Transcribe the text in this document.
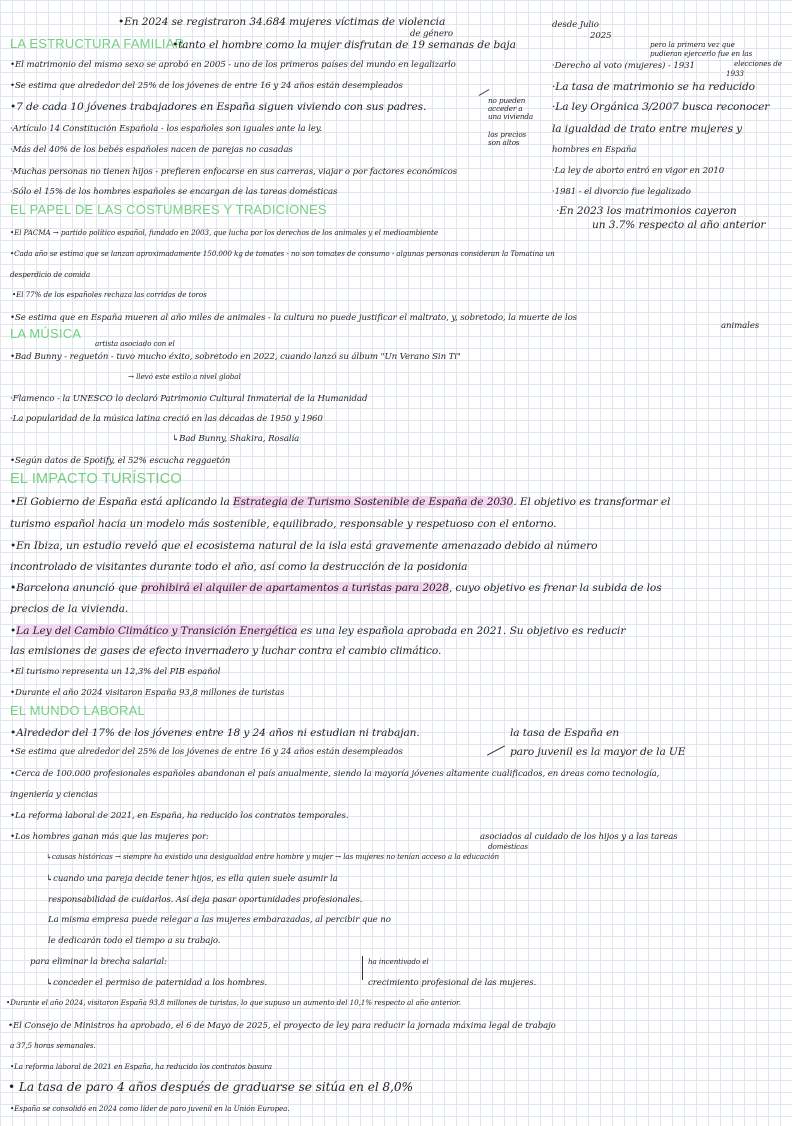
•En 2024 se registraron 34.684 mujeres víctimas de violencia
de género
desde Julio
2025
LA ESTRUCTURA FAMILIAR
•tanto el hombre como la mujer disfrutan de 19 semanas de baja
•El matrimonio del mismo sexo se aprobó en 2005 - uno de los primeros países del mundo en legalizarlo
•Se estima que alrededor del 25% de los jóvenes de entre 16 y 24 años están desempleados
•7 de cada 10 jóvenes trabajadores en España siguen viviendo con sus padres.
·Artículo 14 Constitución Española - los españoles son iguales ante la ley.
·Más del 40% de los bebés españoles nacen de parejas no casadas
·Muchas personas no tienen hijos - prefieren enfocarse en sus carreras, viajar o por factores económicos
·Sólo el 15% de los hombres españoles se encargan de las tareas domésticas
no pueden
acceder a
una vivienda
los precios
son altos
pero la primera vez que
pudieran ejercerlo fue en las
elecciones de
1933
·Derecho al voto (mujeres) - 1931
·La tasa de matrimonio se ha reducido
·La ley Orgánica 3/2007 busca reconocer
la igualdad de trato entre mujeres y
hombres en España
·La ley de aborto entró en vigor en 2010
·1981 - el divorcio fue legalizado
·En 2023 los matrimonios cayeron
un 3.7% respecto al año anterior
EL PAPEL DE LAS COSTUMBRES Y TRADICIONES
•El PACMA → partido político español, fundado en 2003, que lucha por los derechos de los animales y el medioambiente
•Cada año se estima que se lanzan aproximadamente 150.000 kg de tomates - no son tomates de consumo - algunas personas consideran la Tomatina un
desperdicio de comida
•El 77% de los españoles rechaza las corridas de toros
•Se estima que en España mueren al año miles de animales - la cultura no puede justificar el maltrato, y, sobretodo, la muerte de los
animales
LA MÚSICA
artista asociado con el
•Bad Bunny - reguetón - tuvo mucho éxito, sobretodo en 2022, cuando lanzó su álbum "Un Verano Sin Ti"
→ llevó este estilo a nivel global
·Flamenco - la UNESCO lo declaró Patrimonio Cultural Inmaterial de la Humanidad
·La popularidad de la música latina creció en las décadas de 1950 y 1960
↳Bad Bunny, Shakira, Rosalía
•Según datos de Spotify, el 52% escucha reggaetón
EL IMPACTO TURÍSTICO
•El Gobierno de España está aplicando la Estrategia de Turismo Sostenible de España de 2030. El objetivo es transformar el
turismo español hacia un modelo más sostenible, equilibrado, responsable y respetuoso con el entorno.
•En Ibiza, un estudio reveló que el ecosistema natural de la isla está gravemente amenazado debido al número
incontrolado de visitantes durante todo el año, así como la destrucción de la posidonia
•Barcelona anunció que prohibirá el alquiler de apartamentos a turistas para 2028, cuyo objetivo es frenar la subida de los
precios de la vivienda.
•La Ley del Cambio Climático y Transición Energética es una ley española aprobada en 2021. Su objetivo es reducir
las emisiones de gases de efecto invernadero y luchar contra el cambio climático.
•El turismo representa un 12,3% del PIB español
•Durante el año 2024 visitaron España 93,8 millones de turistas
EL MUNDO LABORAL
•Alrededor del 17% de los jóvenes entre 18 y 24 años ni estudian ni trabajan.
•Se estima que alrededor del 25% de los jóvenes de entre 16 y 24 años están desempleados
la tasa de España en
paro juvenil es la mayor de la UE
•Cerca de 100.000 profesionales españoles abandonan el país anualmente, siendo la mayoría jóvenes altamente cualificados, en áreas como tecnología,
ingeniería y ciencias
•La reforma laboral de 2021, en España, ha reducido los contratos temporales.
•Los hombres ganan más que las mujeres por:	asociados al cuidado de los hijos y a las tareas
domésticas
↳causas históricas → siempre ha existido una desigualdad entre hombre y mujer → las mujeres no tenían acceso a la educación
↳cuando una pareja decide tener hijos, es ella quien suele asumir la
responsabilidad de cuidarlos. Así deja pasar oportunidades profesionales.
La misma empresa puede relegar a las mujeres embarazadas, al percibir que no
le dedicarán todo el tiempo a su trabajo.
para eliminar la brecha salarial:
↳conceder el permiso de paternidad a los hombres.
ha incentivado el
crecimiento profesional de las mujeres.
•Durante el año 2024, visitaron España 93,8 millones de turistas, lo que supuso un aumento del 10,1% respecto al año anterior.
•El Consejo de Ministros ha aprobado, el 6 de Mayo de 2025, el proyecto de ley para reducir la jornada máxima legal de trabajo
a 37,5 horas semanales.
•La reforma laboral de 2021 en España, ha reducido los contratos basura
• La tasa de paro 4 años después de graduarse se sitúa en el 8,0%
•España se consolidó en 2024 como líder de paro juvenil en la Unión Europea.
